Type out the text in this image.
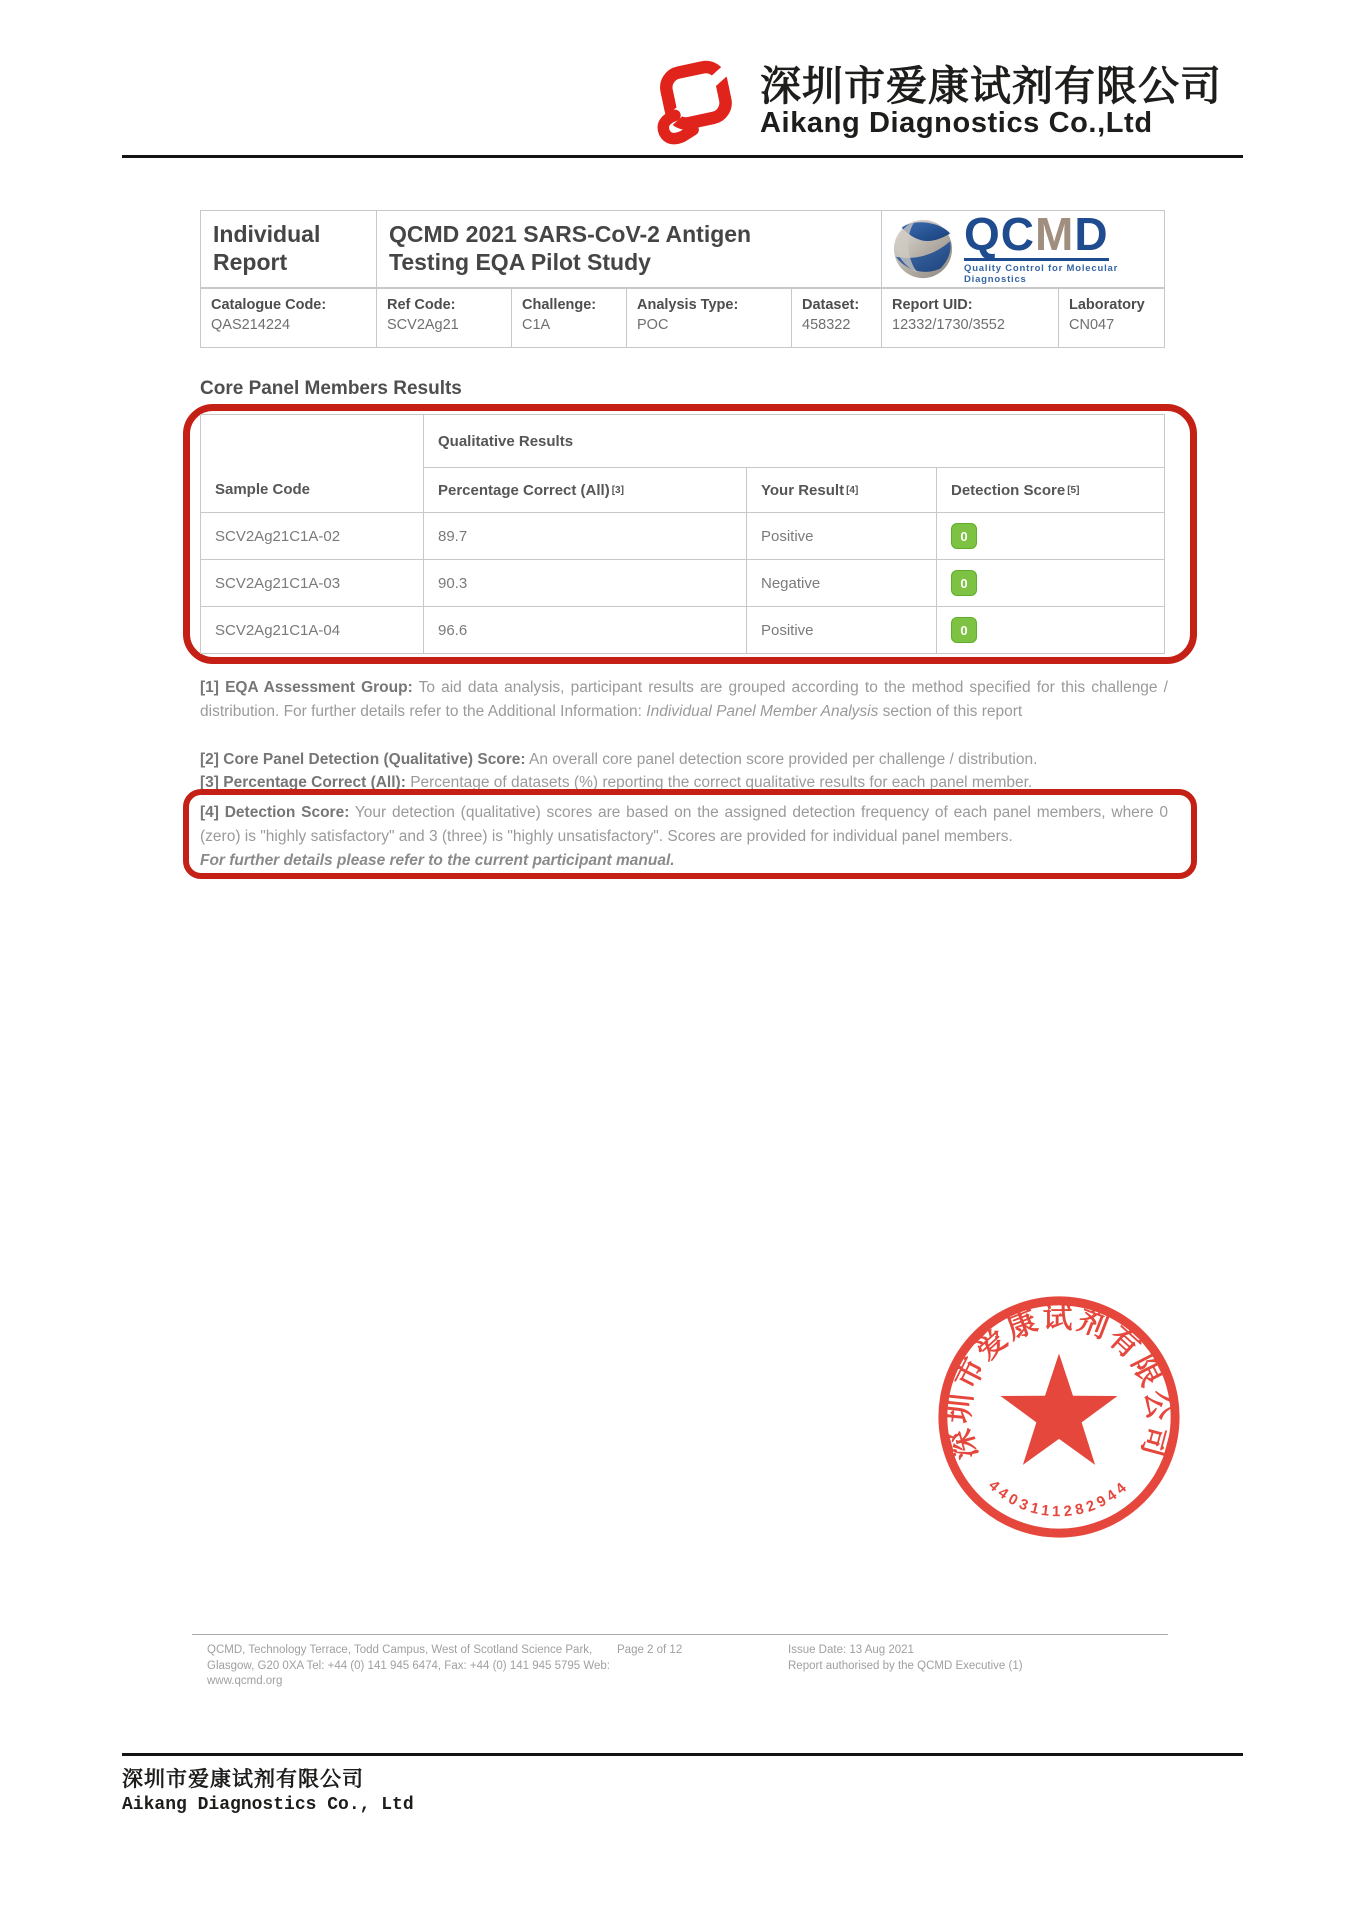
深圳市爱康试剂有限公司
Aikang Diagnostics Co.,Ltd
Individual Report
QCMD 2021 SARS-CoV-2 Antigen Testing EQA Pilot Study
QCMD
Quality Control for Molecular Diagnostics
Catalogue Code:
QAS214224
Ref Code:
SCV2Ag21
Challenge:
C1A
Analysis Type:
POC
Dataset:
458322
Report UID:
12332/1730/3552
Laboratory
CN047
Core Panel Members Results
Sample Code
Qualitative Results
Percentage Correct (All) [3]	Your Result [4]	Detection Score [5]
SCV2Ag21C1A-02	89.7	Positive	0
SCV2Ag21C1A-03	90.3	Negative	0
SCV2Ag21C1A-04	96.6	Positive	0
[1] EQA Assessment Group: To aid data analysis, participant results are grouped according to the method specified for this challenge / distribution. For further details refer to the Additional Information: Individual Panel Member Analysis section of this report
[2] Core Panel Detection (Qualitative) Score: An overall core panel detection score provided per challenge / distribution.
[3] Percentage Correct (All): Percentage of datasets (%) reporting the correct qualitative results for each panel member.
[4] Detection Score: Your detection (qualitative) scores are based on the assigned detection frequency of each panel members, where 0 (zero) is "highly satisfactory" and 3 (three) is "highly unsatisfactory". Scores are provided for individual panel members.
For further details please refer to the current participant manual.
深圳市爱康试剂有限公司
4403111282944
QCMD, Technology Terrace, Todd Campus, West of Scotland Science Park, Glasgow, G20 0XA Tel: +44 (0) 141 945 6474, Fax: +44 (0) 141 945 5795 Web: www.qcmd.org
Page 2 of 12	Issue Date: 13 Aug 2021
Report authorised by the QCMD Executive (1)
深圳市爱康试剂有限公司
Aikang Diagnostics Co., Ltd
